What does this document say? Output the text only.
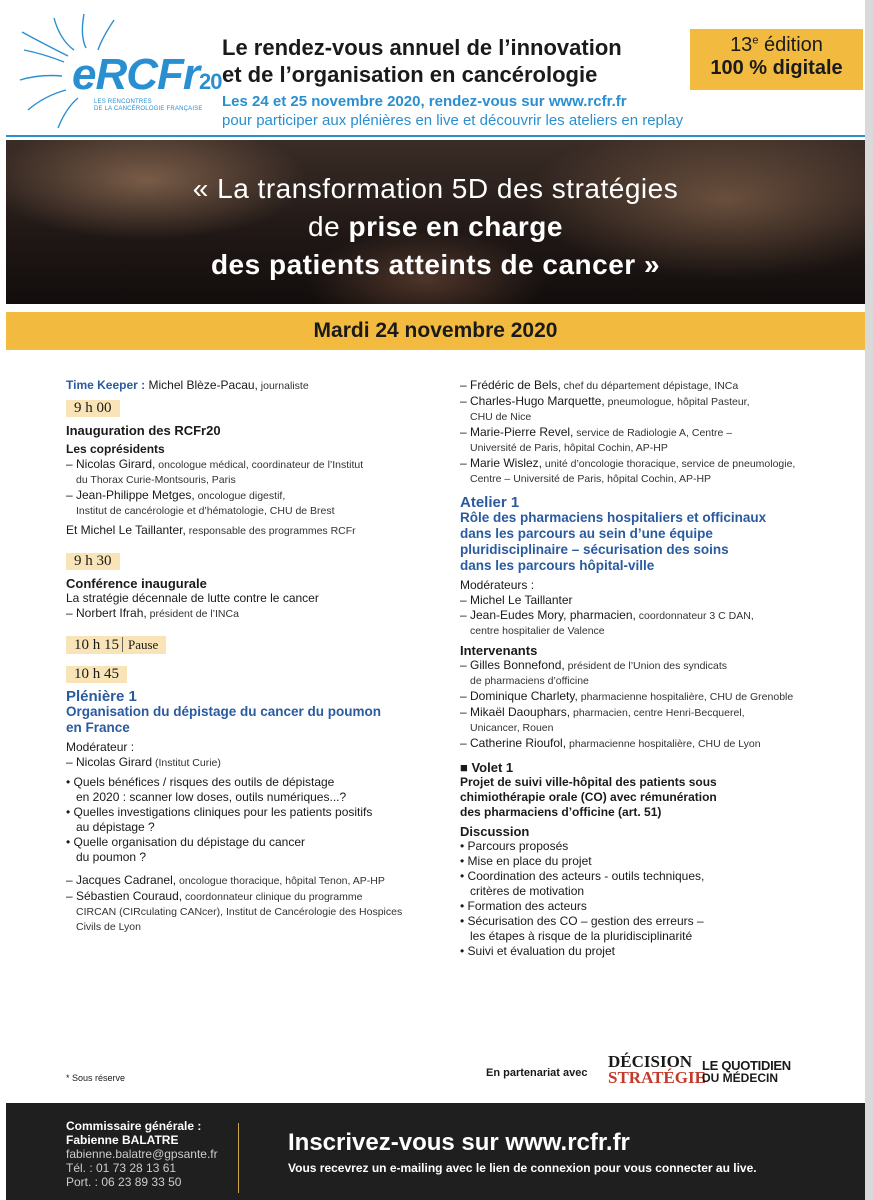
eRCFr20
LES RENCONTRES
DE LA CANCÉROLOGIE FRANÇAISE
Le rendez-vous annuel de l’innovation
et de l’organisation en cancérologie
Les 24 et 25 novembre 2020, rendez-vous sur www.rcfr.fr
pour participer aux plénières en live et découvrir les ateliers en replay
13e édition
100 % digitale
« La transformation 5D des stratégies
de prise en charge
des patients atteints de cancer »
Mardi 24 novembre 2020
Time Keeper : Michel Blèze-Pacau, journaliste
9 h 00
Inauguration des RCFr20
Les coprésidents
– Nicolas Girard, oncologue médical, coordinateur de l’Institut
du Thorax Curie-Montsouris, Paris
– Jean-Philippe Metges, oncologue digestif,
Institut de cancérologie et d’hématologie, CHU de Brest
Et Michel Le Taillanter, responsable des programmes RCFr
9 h 30
Conférence inaugurale
La stratégie décennale de lutte contre le cancer
– Norbert Ifrah, président de l’INCa
10 h 15 Pause
10 h 45
Plénière 1
Organisation du dépistage du cancer du poumon
en France
Modérateur :
– Nicolas Girard (Institut Curie)
• Quels bénéfices / risques des outils de dépistage
en 2020 : scanner low doses, outils numériques...?
• Quelles investigations cliniques pour les patients positifs
au dépistage ?
• Quelle organisation du dépistage du cancer
du poumon ?
– Jacques Cadranel, oncologue thoracique, hôpital Tenon, AP-HP
– Sébastien Couraud, coordonnateur clinique du programme
CIRCAN (CIRculating CANcer), Institut de Cancérologie des Hospices
Civils de Lyon
– Frédéric de Bels, chef du département dépistage, INCa
– Charles-Hugo Marquette, pneumologue, hôpital Pasteur,
CHU de Nice
– Marie-Pierre Revel, service de Radiologie A, Centre –
Université de Paris, hôpital Cochin, AP-HP
– Marie Wislez, unité d’oncologie thoracique, service de pneumologie,
Centre – Université de Paris, hôpital Cochin, AP-HP
Atelier 1
Rôle des pharmaciens hospitaliers et officinaux
dans les parcours au sein d’une équipe
pluridisciplinaire – sécurisation des soins
dans les parcours hôpital-ville
Modérateurs :
– Michel Le Taillanter
– Jean-Eudes Mory, pharmacien, coordonnateur 3 C DAN,
centre hospitalier de Valence
Intervenants
– Gilles Bonnefond, président de l’Union des syndicats
de pharmaciens d’officine
– Dominique Charlety, pharmacienne hospitalière, CHU de Grenoble
– Mikaël Daouphars, pharmacien, centre Henri-Becquerel,
Unicancer, Rouen
– Catherine Rioufol, pharmacienne hospitalière, CHU de Lyon
■ Volet 1
Projet de suivi ville-hôpital des patients sous
chimiothérapie orale (CO) avec rémunération
des pharmaciens d’officine (art. 51)
Discussion
• Parcours proposés
• Mise en place du projet
• Coordination des acteurs - outils techniques,
critères de motivation
• Formation des acteurs
• Sécurisation des CO – gestion des erreurs –
les étapes à risque de la pluridisciplinarité
• Suivi et évaluation du projet
* Sous réserve	En partenariat avec
DÉCISION
STRATÉGIE
LE QUOTIDIEN
DU MÉDECIN
Commissaire générale :
Fabienne BALATRE
fabienne.balatre@gpsante.fr
Tél. : 01 73 28 13 61
Port. : 06 23 89 33 50
Inscrivez-vous sur www.rcfr.fr
Vous recevrez un e-mailing avec le lien de connexion pour vous connecter au live.
